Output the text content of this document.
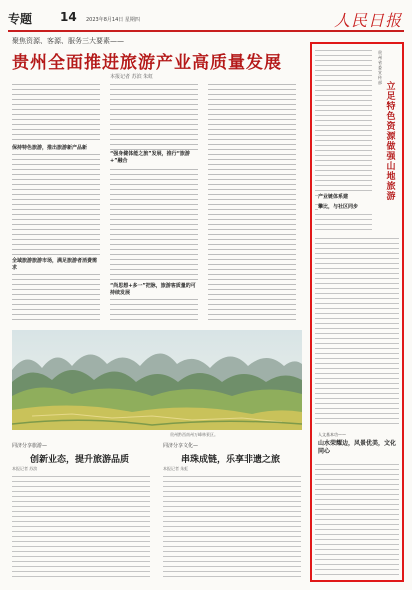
专题 14 2023年8月14日 星期四	人民日报
聚焦资源、客源、服务三大要素——
贵州全面推进旅游产业高质量发展
本报记者 苏滨 朱虹
保持特色旅游，推出旅游新产品新
全域旅游旅游市场，满足旅游者消费需求
“强身健体能之旅”发展，推行“旅游+”融合
“尚思想+多一”把脉，旅游客质量的可持续发展
贵州黔西南州万峰林景区。
同济分享旅游—
创新业态，提升旅游品质
本报记者 苏滨
同济分享文化—
串珠成链，乐享非遗之旅
本报记者 朱虹
贵州省委宣传部 立足特色资源 做强山地旅游
产业链体系建
攀比，与社区同步
人文基本功——
山水荣耀边，风景优美，文化同心
